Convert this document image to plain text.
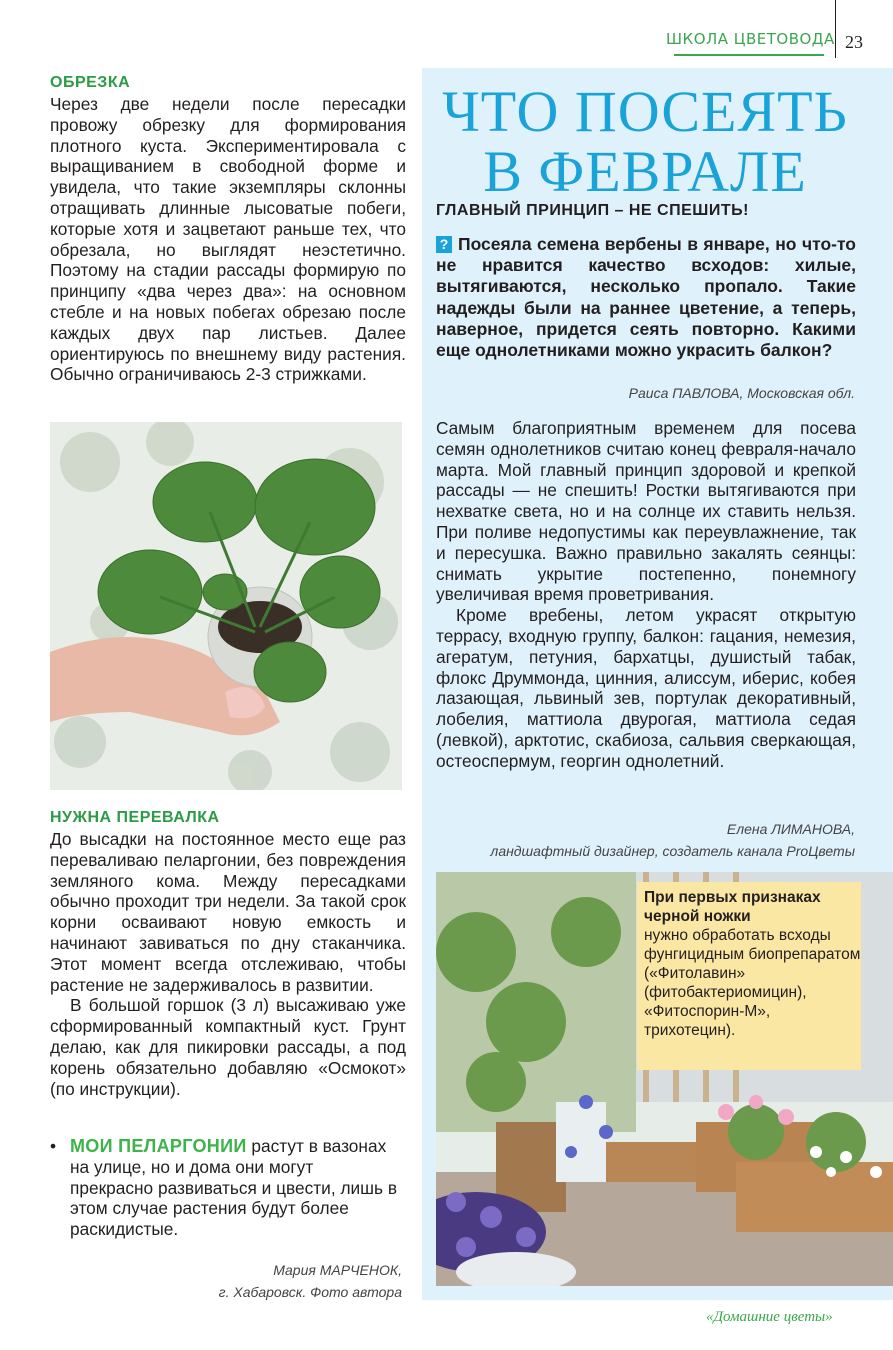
ШКОЛА ЦВЕТОВОДА 23
ОБРЕЗКА

Через две недели после пересадки провожу обрезку для формирования плотного куста. Экспериментировала с выращиванием в свободной форме и увидела, что такие экземпляры склонны отращивать длинные лысоватые побеги, которые хотя и зацветают раньше тех, что обрезала, но выглядят неэстетично. Поэтому на стадии рассады формирую по принципу «два через два»: на основном стебле и на новых побегах обрезаю после каждых двух пар листьев. Далее ориентируюсь по внешнему виду растения. Обычно ограничиваюсь 2-3 стрижками.

НУЖНА ПЕРЕВАЛКА

До высадки на постоянное место еще раз переваливаю пеларгонии, без повреждения земляного кома. Между пересадками обычно проходит три недели. За такой срок корни осваивают новую емкость и начинают завиваться по дну стаканчика. Этот момент всегда отслеживаю, чтобы растение не задерживалось в развитии.

В большой горшок (3 л) высаживаю уже сформированный компактный куст. Грунт делаю, как для пикировки рассады, а под корень обязательно добавляю «Осмокот» (по инструкции).

• МОИ ПЕЛАРГОНИИ растут в вазонах на улице, но и дома они могут прекрасно развиваться и цвести, лишь в этом случае растения будут более раскидистые.
Мария МАРЧЕНОК,
г. Хабаровск. Фото автора
ЧТО ПОСЕЯТЬ
В ФЕВРАЛЕ
ГЛАВНЫЙ ПРИНЦИП – НЕ СПЕШИТЬ!
? Посеяла семена вербены в январе, но что-то не нравится качество всходов: хилые, вытягиваются, несколько пропало. Такие надежды были на раннее цветение, а теперь, наверное, придется сеять повторно. Какими еще однолетниками можно украсить балкон?
Раиса ПАВЛОВА, Московская обл.

Самым благоприятным временем для посева семян однолетников считаю конец февраля-начало марта. Мой главный принцип здоровой и крепкой рассады — не спешить! Ростки вытягиваются при нехватке света, но и на солнце их ставить нельзя. При поливе недопустимы как переувлажнение, так и пересушка. Важно правильно закалять сеянцы: снимать укрытие постепенно, понемногу увеличивая время проветривания.

Кроме вребены, летом украсят открытую террасу, входную группу, балкон: гацания, немезия, агератум, петуния, бархатцы, душистый табак, флокс Друммонда, цинния, алиссум, иберис, кобея лазающая, львиный зев, портулак декоративный, лобелия, маттиола двурогая, маттиола седая (левкой), арктотис, скабиоза, сальвия сверкающая, остеоспермум, георгин однолетний.

Елена ЛИМАНОВА,
ландшафтный дизайнер, создатель канала ProЦветы
При первых признаках черной ножки
нужно обработать всходы фунгицидным биопрепаратом («Фитолавин» (фитобактериомицин), «Фитоспорин-М», трихотецин).
«Домашние цветы»
